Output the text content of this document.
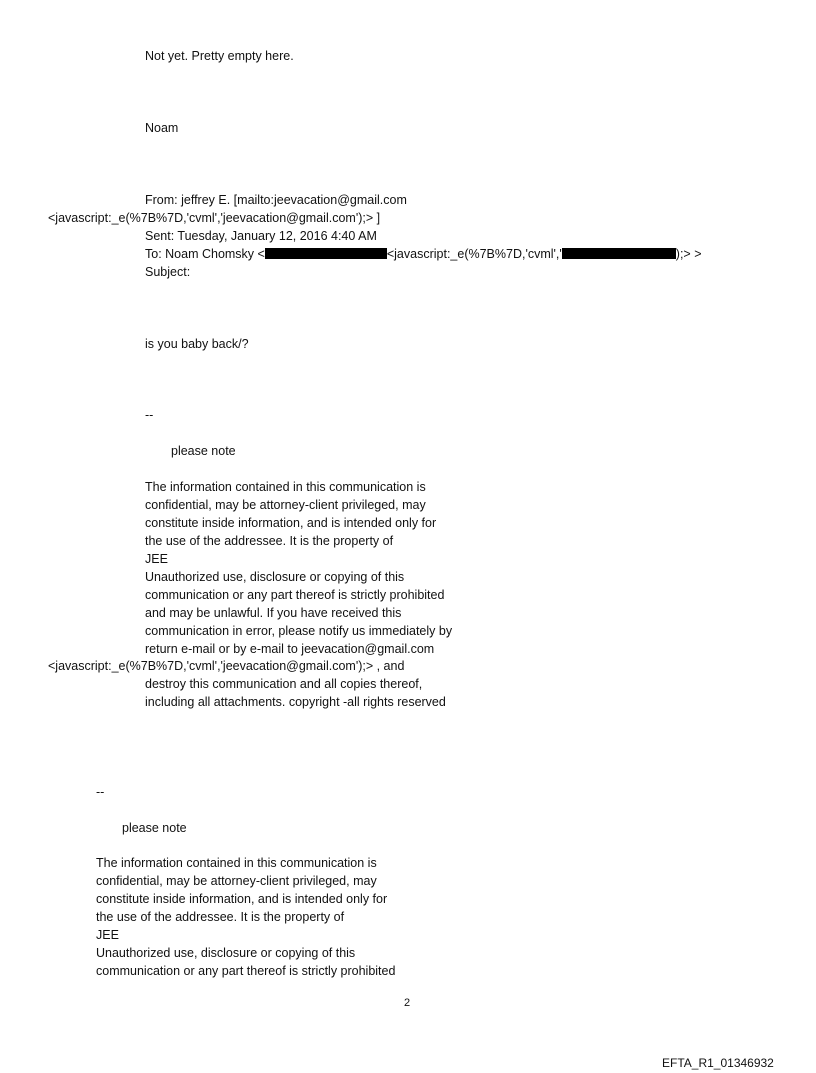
Not yet. Pretty empty here.
Noam
From: jeffrey E. [mailto:jeevacation@gmail.com
<javascript:_e(%7B%7D,'cvml','jeevacation@gmail.com');> ]
Sent: Tuesday, January 12, 2016 4:40 AM
To: Noam Chomsky <	<javascript:_e(%7B%7D,'cvml','	);> >
Subject:
is you baby back/?
--
please note
The information contained in this communication is
confidential, may be attorney-client privileged, may
constitute inside information, and is intended only for
the use of the addressee. It is the property of
JEE
Unauthorized use, disclosure or copying of this
communication or any part thereof is strictly prohibited
and may be unlawful. If you have received this
communication in error, please notify us immediately by
return e-mail or by e-mail to jeevacation@gmail.com
<javascript:_e(%7B%7D,'cvml','jeevacation@gmail.com');> , and
destroy this communication and all copies thereof,
including all attachments. copyright -all rights reserved
--
please note
The information contained in this communication is
confidential, may be attorney-client privileged, may
constitute inside information, and is intended only for
the use of the addressee. It is the property of
JEE
Unauthorized use, disclosure or copying of this
communication or any part thereof is strictly prohibited
2
EFTA_R1_01346932
